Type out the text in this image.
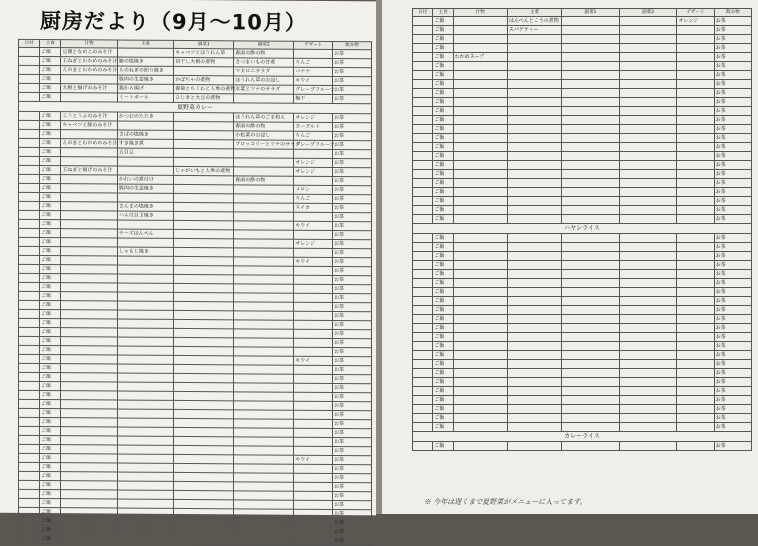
厨房だより（9月～10月）
日付	主食	汁物	主菜	副菜1	副菜2	デザート	飲み物
	ご飯	豆腐となめこのみそ汁		キャベツとほうれん草	春雨の酢の物		お茶
	ご飯	玉ねぎとわかめのみそ汁	鰆の塩焼き	切干し大根の煮物	さつまいもの甘煮	りんご	お茶
	ご飯	えのきとわかめのみそ汁	らのねぎの照り焼き		マカロニサラダ	バナナ	お茶
	ご飯		豚肉の生姜焼き	かぼちゃの煮物	ほうれん草のお浸し	キウイ	お茶
	ご飯	大根と揚げのみそ汁	鶏から揚げ	春菊とちくわと人参の煮物	水菜とツナのサラダ	グレープフルーツ	お茶
	ご飯		ミートボール	ひじきと大豆の煮物		梅干	お茶
夏野菜カレー							
	ご飯	こうとうふのみそ汁	かつおのたたき		ほうれん草のごま和え	オレンジ	お茶
	ご飯	キャベツと豚のみそ汁			春雨の酢の物	ヨーグルト	お茶
	ご飯		さばの塩焼き		小松菜のお浸し	りんご	お茶
	ご飯	えのきとわかめのみそ汁	すき焼き煮		ブロッコリーとツナのサラダ	グレープフルーツ	お茶
	ご飯		五目豆				お茶
	ご飯					オレンジ	お茶
	ご飯	玉ねぎと揚げのみそ汁		じゃがいもと人参の煮物		オレンジ	お茶
	ご飯		かれいの煮付け		春雨の酢の物		お茶
	ご飯		豚肉の生姜焼き			メロン	お茶
	ご飯					りんご	お茶
	ご飯		さんまの塩焼き			スイカ	お茶
	ご飯		ハム付目玉焼き				お茶
	ご飯					キウイ	お茶
	ご飯		チーズはんぺん				お茶
	ご飯					オレンジ	お茶
	ご飯		しゃもじ焼き				お茶
	ご飯					キウイ	お茶
	ご飯						お茶
	ご飯						お茶
	ご飯						お茶
	ご飯						お茶
	ご飯						お茶
	ご飯						お茶
	ご飯						お茶
	ご飯						お茶
	ご飯						お茶
	ご飯						お茶
	ご飯					キウイ	お茶
	ご飯						お茶
	ご飯						お茶
	ご飯						お茶
	ご飯						お茶
	ご飯						お茶
	ご飯						お茶
	ご飯						お茶
	ご飯						お茶
	ご飯						お茶
	ご飯						お茶
	ご飯					キウイ	お茶
	ご飯						お茶
	ご飯						お茶
	ご飯						お茶
	ご飯						お茶
	ご飯						お茶
	ご飯						お茶
	ご飯						お茶
	ご飯						お茶
	ご飯						お茶
日付	主食	汁物	主菜	副菜1	副菜2	デザート	飲み物
	ご飯		はんぺんとこうの煮物			オレンジ	お茶
	ご飯		スパゲティー				お茶
	ご飯						お茶
	ご飯						お茶
	ご飯	わかめスープ					お茶
	ご飯						お茶
	ご飯						お茶
	ご飯						お茶
	ご飯						お茶
	ご飯						お茶
	ご飯						お茶
	ご飯						お茶
	ご飯						お茶
	ご飯						お茶
	ご飯						お茶
	ご飯						お茶
	ご飯						お茶
	ご飯						お茶
	ご飯						お茶
	ご飯						お茶
	ご飯						お茶
	ご飯						お茶
	ご飯						お茶
ハヤシライス							
	ご飯						お茶
	ご飯						お茶
	ご飯						お茶
	ご飯						お茶
	ご飯						お茶
	ご飯						お茶
	ご飯						お茶
	ご飯						お茶
	ご飯						お茶
	ご飯						お茶
	ご飯						お茶
	ご飯						お茶
	ご飯						お茶
	ご飯						お茶
	ご飯						お茶
	ご飯						お茶
	ご飯						お茶
	ご飯						お茶
	ご飯						お茶
	ご飯						お茶
	ご飯						お茶
	ご飯						お茶
カレーライス							
	ご飯						お茶
※ 今年は遅くまで夏野菜がメニューに入ってます。
